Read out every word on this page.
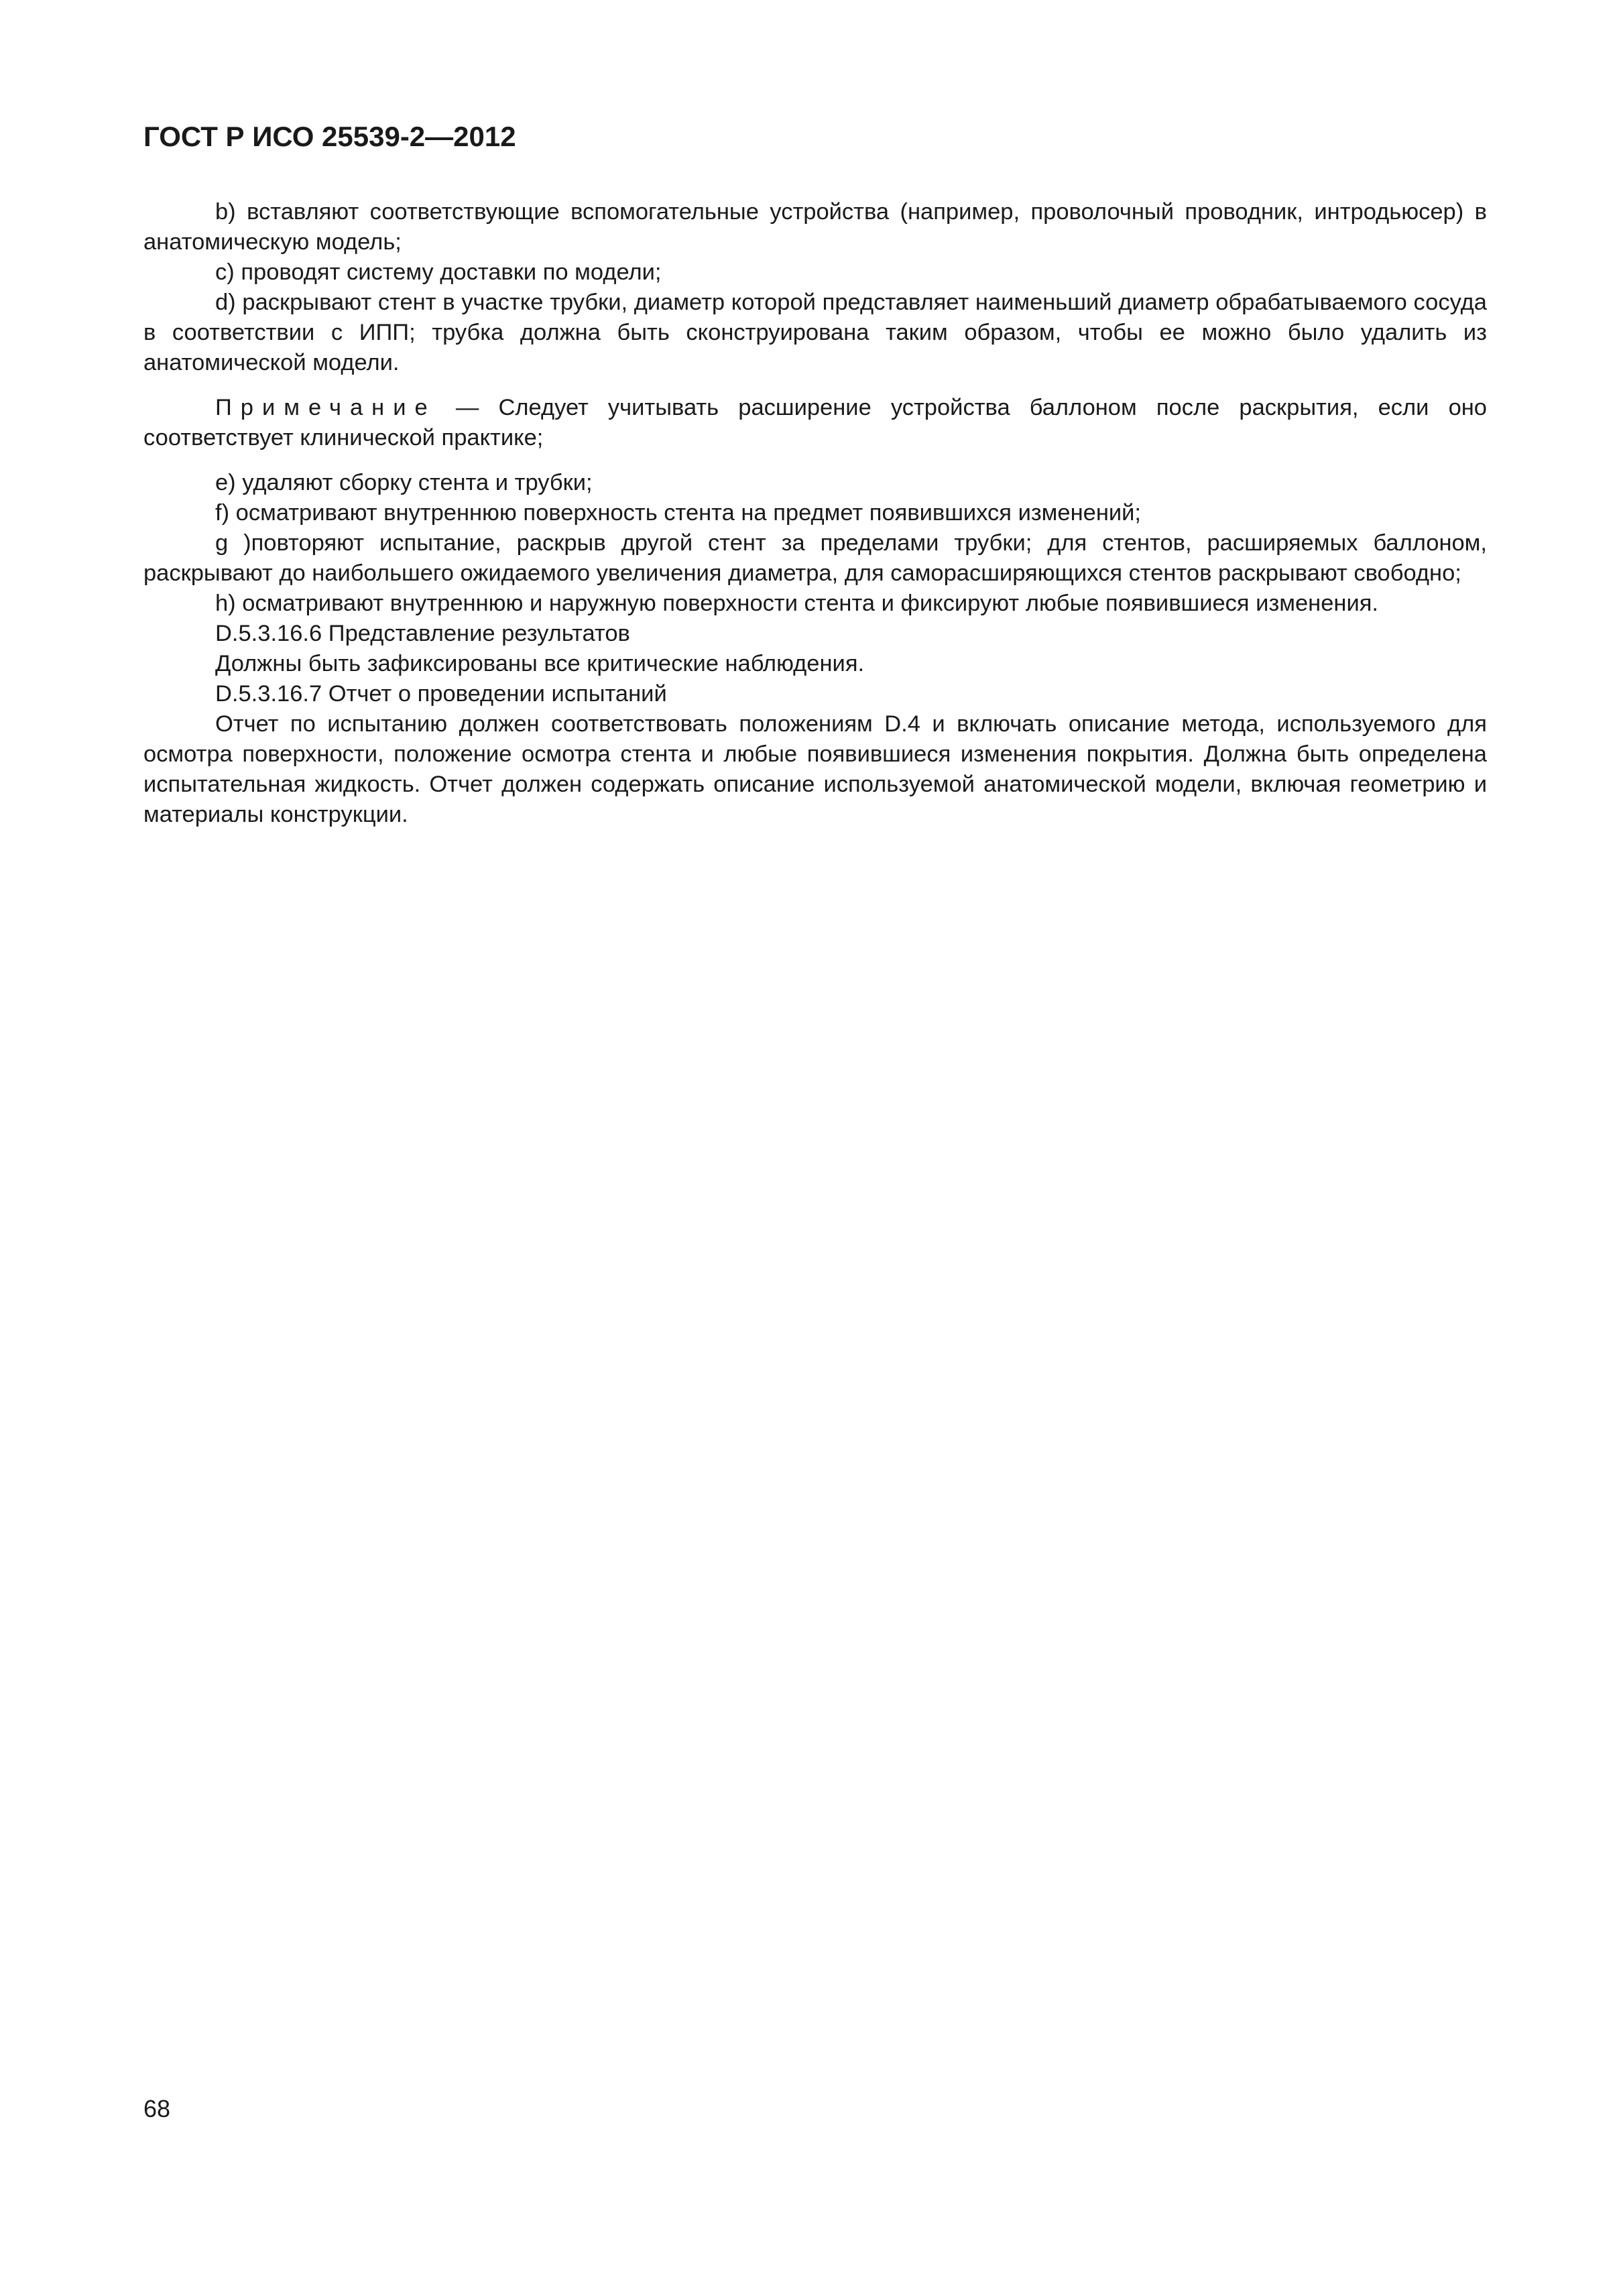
ГОСТ Р ИСО 25539-2—2012

b) вставляют соответствующие вспомогательные устройства (например, проволочный проводник, интродьюсер) в анатомическую модель;

c) проводят систему доставки по модели;

d) раскрывают стент в участке трубки, диаметр которой представляет наименьший диаметр обрабатываемого сосуда в соответствии с ИПП; трубка должна быть сконструирована таким образом, чтобы ее можно было удалить из анатомической модели.

Примечание — Следует учитывать расширение устройства баллоном после раскрытия, если оно соответствует клинической практике;

e) удаляют сборку стента и трубки;

f) осматривают внутреннюю поверхность стента на предмет появившихся изменений;

g )повторяют испытание, раскрыв другой стент за пределами трубки; для стентов, расширяемых баллоном, раскрывают до наибольшего ожидаемого увеличения диаметра, для саморасширяющихся стентов раскрывают свободно;

h) осматривают внутреннюю и наружную поверхности стента и фиксируют любые появившиеся изменения.

D.5.3.16.6 Представление результатов

Должны быть зафиксированы все критические наблюдения.

D.5.3.16.7 Отчет о проведении испытаний

Отчет по испытанию должен соответствовать положениям D.4 и включать описание метода, используемого для осмотра поверхности, положение осмотра стента и любые появившиеся изменения покрытия. Должна быть определена испытательная жидкость. Отчет должен содержать описание используемой анатомической модели, включая геометрию и материалы конструкции.

68
